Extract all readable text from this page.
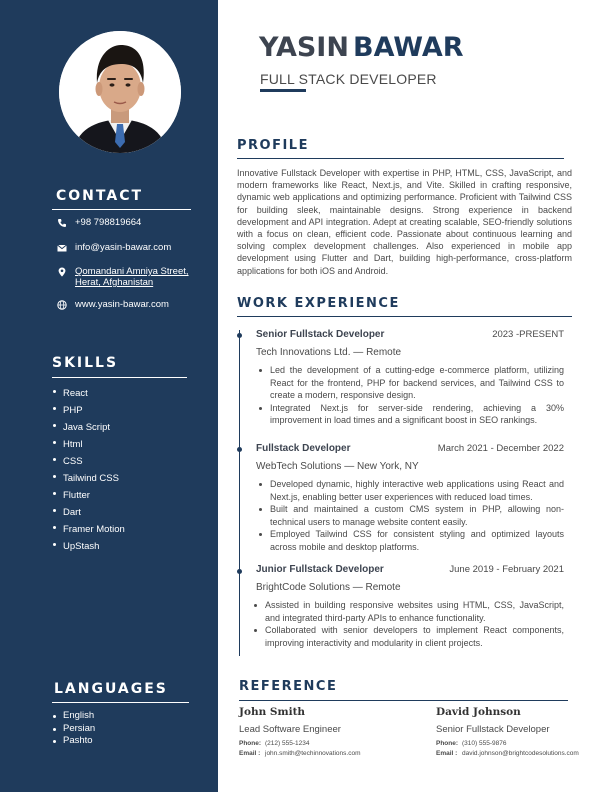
CONTACT
+98 798819664
info@yasin-bawar.com
Qomandani Amniya Street,
Herat, Afghanistan
www.yasin-bawar.com
SKILLS
React
PHP
Java Script
Html
CSS
Tailwind CSS
Flutter
Dart
Framer Motion
UpStash
LANGUAGES
English
Persian
Pashto
YASIN BAWAR
FULL STACK DEVELOPER
PROFILE
Innovative Fullstack Developer with expertise in PHP, HTML, CSS, JavaScript, and modern frameworks like React, Next.js, and Vite. Skilled in crafting responsive, dynamic web applications and optimizing performance. Proficient with Tailwind CSS for building sleek, maintainable designs. Strong experience in backend development and API integration. Adept at creating scalable, SEO-friendly solutions with a focus on clean, efficient code. Passionate about continuous learning and solving complex development challenges. Also experienced in mobile app development using Flutter and Dart, building high-performance, cross-platform applications for both iOS and Android.
WORK EXPERIENCE
Senior Fullstack Developer	2023 -PRESENT
Tech Innovations Ltd. — Remote
Led the development of a cutting-edge e-commerce platform, utilizing React for the frontend, PHP for backend services, and Tailwind CSS to create a modern, responsive design.
Integrated Next.js for server-side rendering, achieving a 30% improvement in load times and a significant boost in SEO rankings.
Fullstack Developer	March 2021 - December 2022
WebTech Solutions — New York, NY
Developed dynamic, highly interactive web applications using React and Next.js, enabling better user experiences with reduced load times.
Built and maintained a custom CMS system in PHP, allowing non-technical users to manage website content easily.
Employed Tailwind CSS for consistent styling and optimized layouts across mobile and desktop platforms.
Junior Fullstack Developer	June 2019 - February 2021
BrightCode Solutions — Remote
Assisted in building responsive websites using HTML, CSS, JavaScript, and integrated third-party APIs to enhance functionality.
Collaborated with senior developers to implement React components, improving interactivity and modularity in client projects.
REFERENCE
John Smith
Lead Software Engineer
Phone: (212) 555-1234
Email : john.smith@techinnovations.com
David Johnson
Senior Fullstack Developer
Phone: (310) 555-9876
Email : david.johnson@brightcodesolutions.com
